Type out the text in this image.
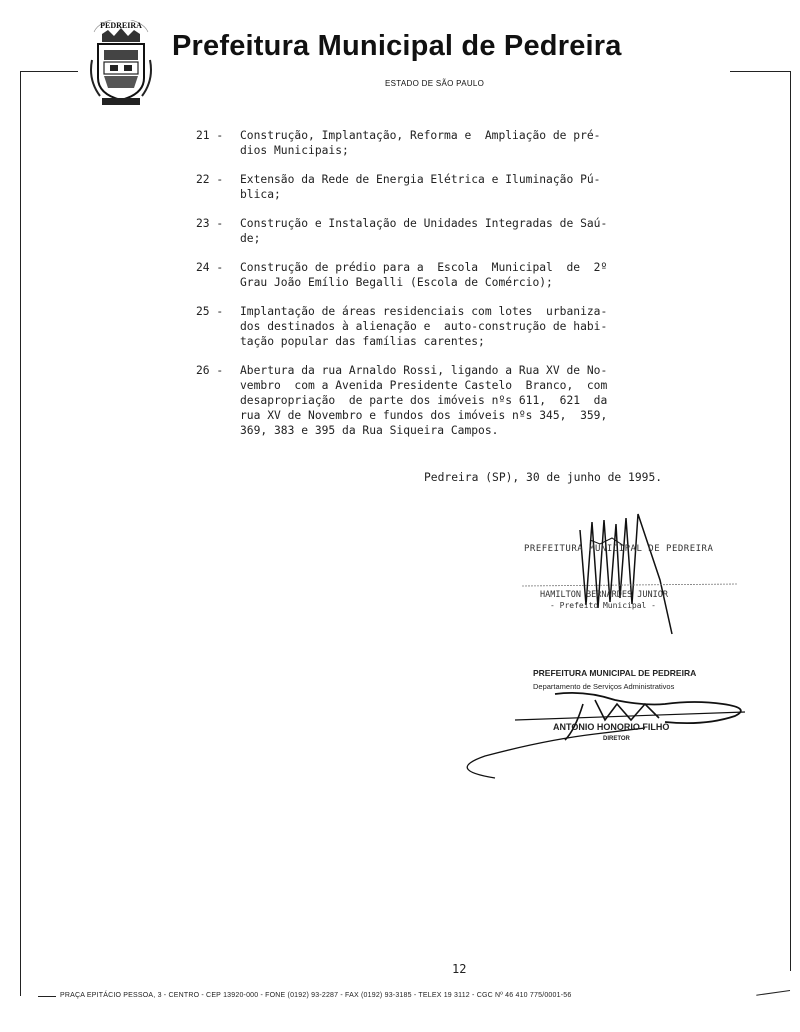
PEDREIRA
Prefeitura Municipal de Pedreira
ESTADO DE SÃO PAULO
21 -	Construção, Implantação, Reforma e  Ampliação de pré-
dios Municipais;
22 -	Extensão da Rede de Energia Elétrica e Iluminação Pú-
blica;
23 -	Construção e Instalação de Unidades Integradas de Saú-
de;
24 -	Construção de prédio para a  Escola  Municipal  de  2º
Grau João Emílio Begalli (Escola de Comércio);
25 -	Implantação de áreas residenciais com lotes  urbaniza-
dos destinados à alienação e  auto-construção de habi-
tação popular das famílias carentes;
26 -	Abertura da rua Arnaldo Rossi, ligando a Rua XV de No-
vembro  com a Avenida Presidente Castelo  Branco,  com
desapropriação  de parte dos imóveis nºs 611,  621  da
rua XV de Novembro e fundos dos imóveis nºs 345,  359,
369, 383 e 395 da Rua Siqueira Campos.
Pedreira (SP), 30 de junho de 1995.
PREFEITURA MUNICIPAL DE PEDREIRA
HAMILTON BERNARDES JUNIOR
- Prefeito Municipal -
PREFEITURA MUNICIPAL DE PEDREIRA
Departamento de Serviços Administrativos
ANTONIO HONORIO FILHO
DIRETOR
12
PRAÇA EPITÁCIO PESSOA, 3 - CENTRO - CEP 13920-000 - FONE (0192) 93-2287 - FAX (0192) 93-3185 - TELEX 19 3112 - CGC Nº 46 410 775/0001-56
